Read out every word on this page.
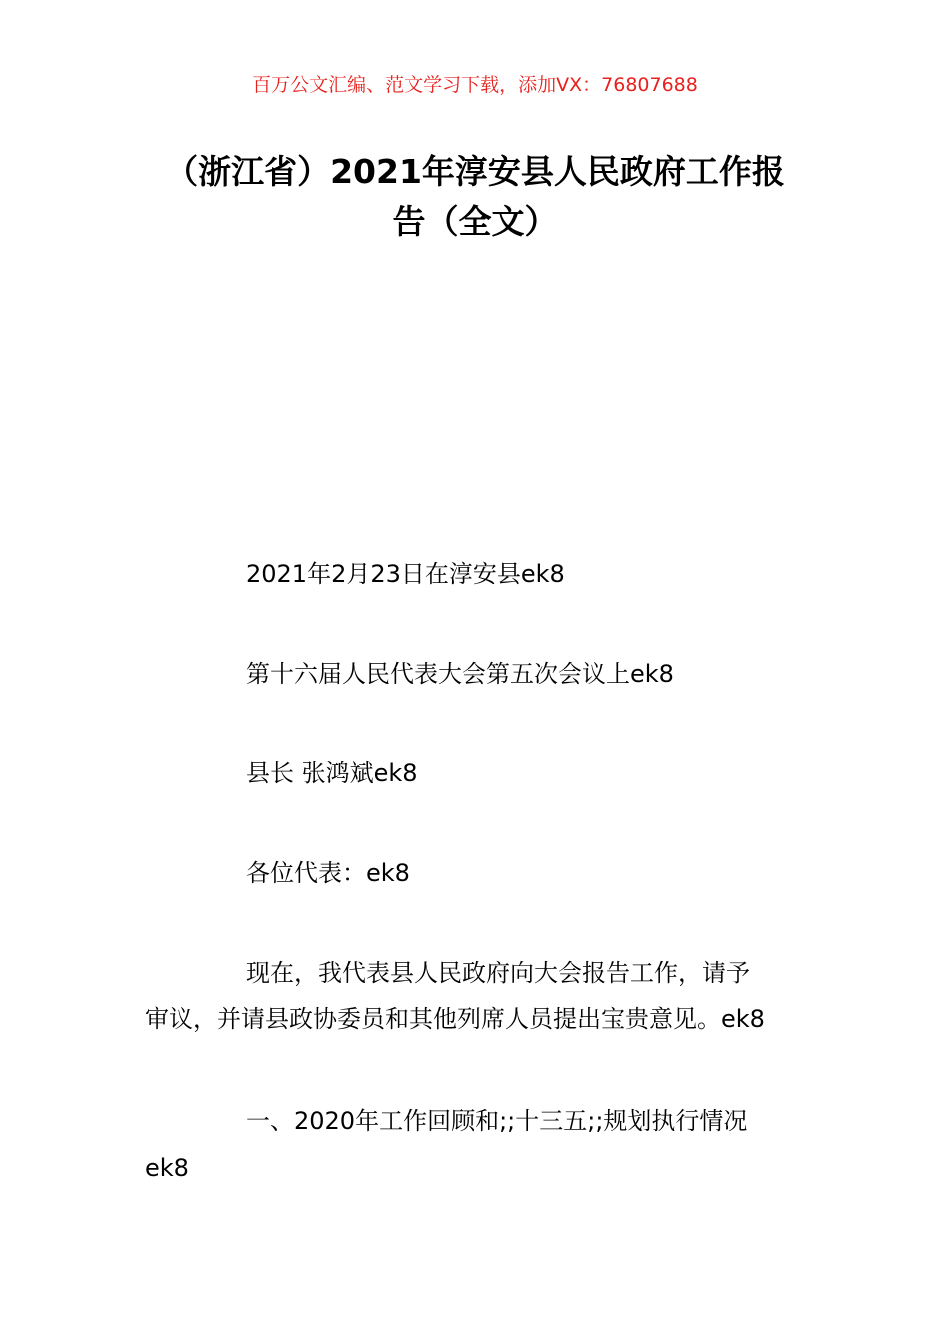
百万公文汇编、范文学习下载，添加VX：76807688
（浙江省）2021年淳安县人民政府工作报
告（全文）
2021年2月23日在淳安县ek8
第十六届人民代表大会第五次会议上ek8
县长 张鸿斌ek8
各位代表：ek8
现在，我代表县人民政府向大会报告工作，请予
审议，并请县政协委员和其他列席人员提出宝贵意见。ek8
一、2020年工作回顾和;;十三五;;规划执行情况
ek8
